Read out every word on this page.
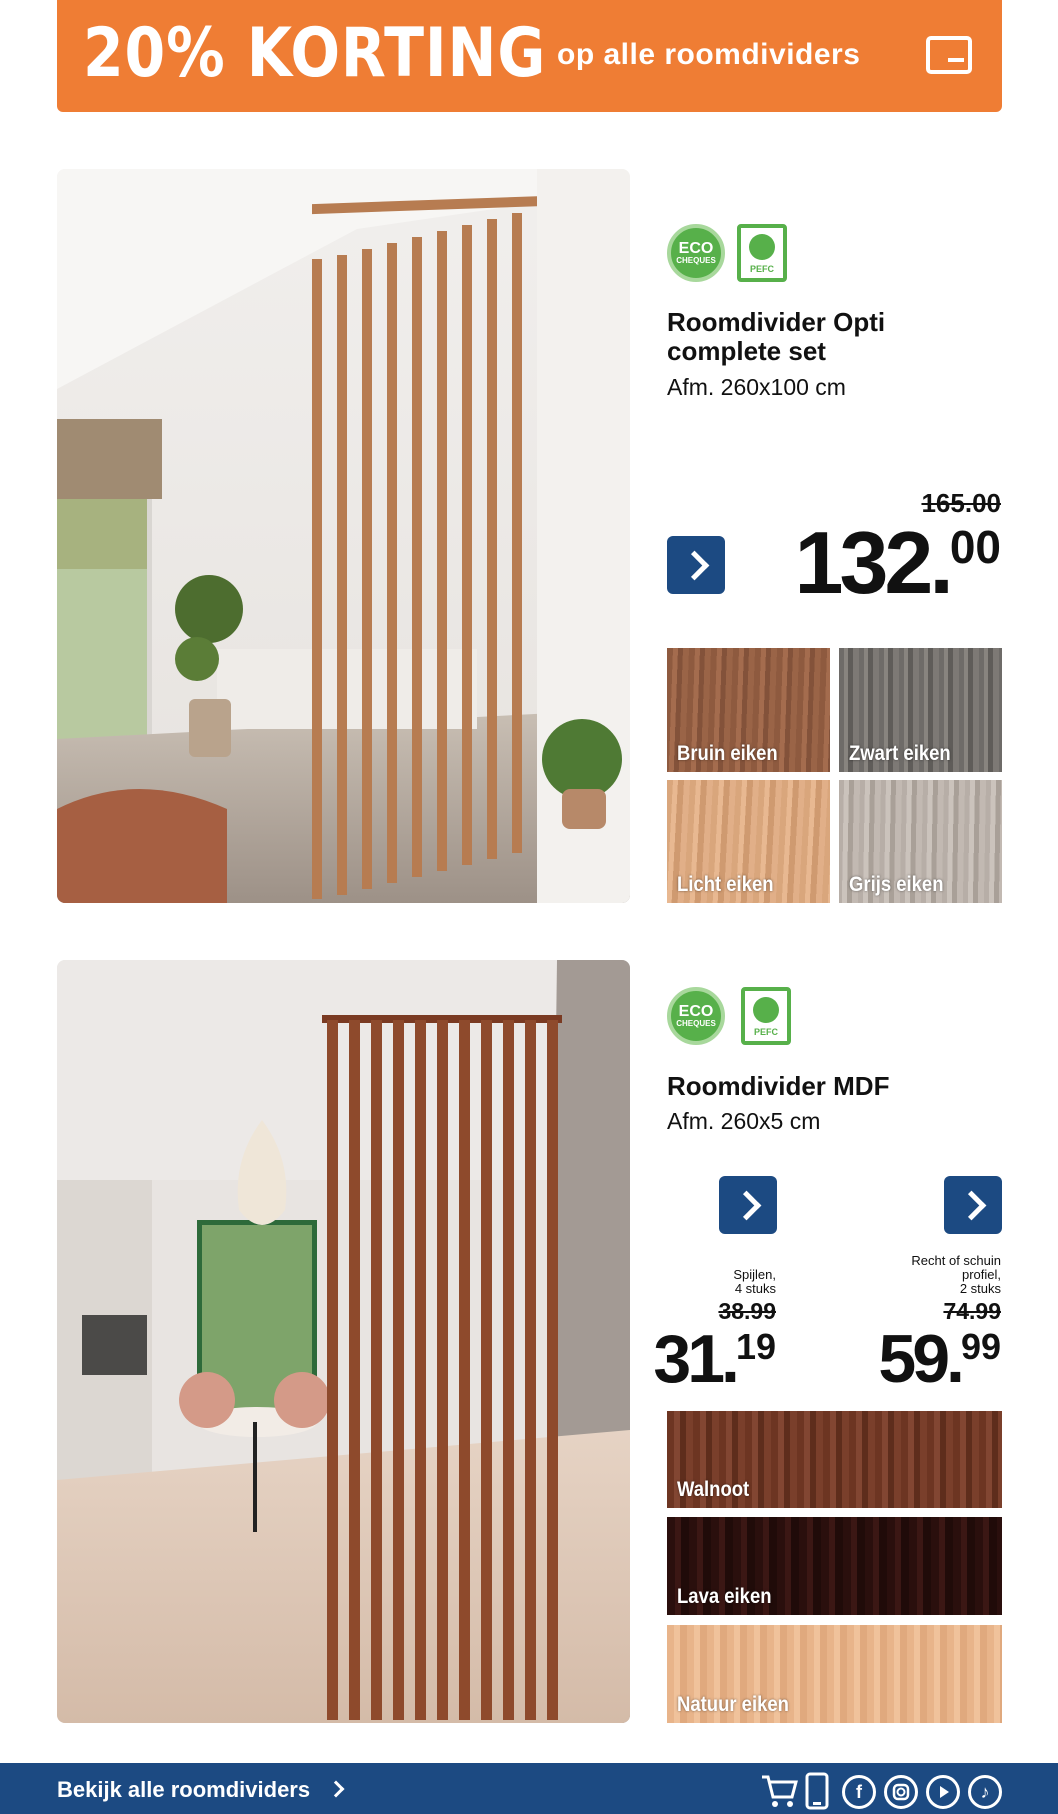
20% KORTING op alle roomdividers
ECO
CHEQUES
PEFC
Roomdivider Opti
complete set
Afm. 260x100 cm
165.00
132.00
Bruin eiken	Zwart eiken
Licht eiken	Grijs eiken
ECO
CHEQUES
PEFC
Roomdivider MDF
Afm. 260x5 cm
Spijlen,
4 stuks
38.99
31.19
Recht of schuin
profiel,
2 stuks
74.99
59.99
Walnoot
Lava eiken
Natuur eiken
Bekijk alle roomdividers	f	♪
